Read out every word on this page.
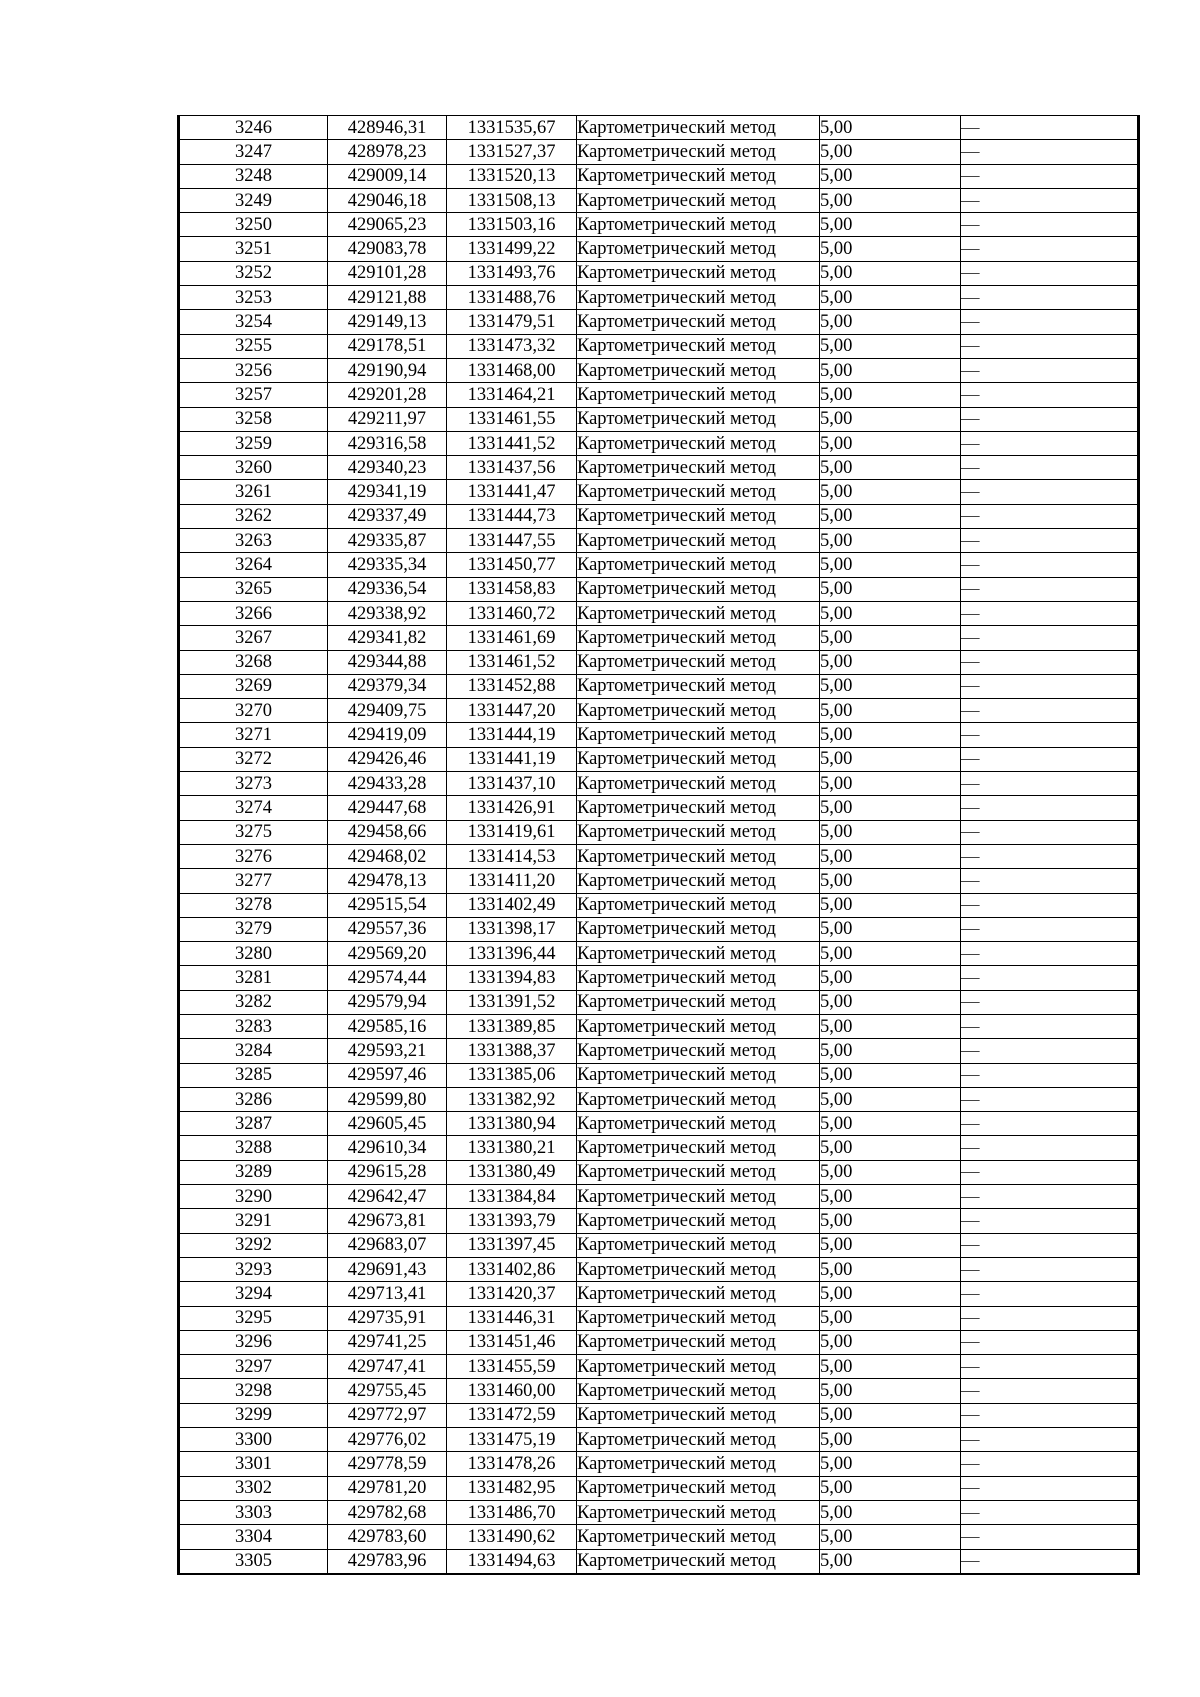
3246	428946,31	1331535,67	Картометрический метод	5,00	—
3247	428978,23	1331527,37	Картометрический метод	5,00	—
3248	429009,14	1331520,13	Картометрический метод	5,00	—
3249	429046,18	1331508,13	Картометрический метод	5,00	—
3250	429065,23	1331503,16	Картометрический метод	5,00	—
3251	429083,78	1331499,22	Картометрический метод	5,00	—
3252	429101,28	1331493,76	Картометрический метод	5,00	—
3253	429121,88	1331488,76	Картометрический метод	5,00	—
3254	429149,13	1331479,51	Картометрический метод	5,00	—
3255	429178,51	1331473,32	Картометрический метод	5,00	—
3256	429190,94	1331468,00	Картометрический метод	5,00	—
3257	429201,28	1331464,21	Картометрический метод	5,00	—
3258	429211,97	1331461,55	Картометрический метод	5,00	—
3259	429316,58	1331441,52	Картометрический метод	5,00	—
3260	429340,23	1331437,56	Картометрический метод	5,00	—
3261	429341,19	1331441,47	Картометрический метод	5,00	—
3262	429337,49	1331444,73	Картометрический метод	5,00	—
3263	429335,87	1331447,55	Картометрический метод	5,00	—
3264	429335,34	1331450,77	Картометрический метод	5,00	—
3265	429336,54	1331458,83	Картометрический метод	5,00	—
3266	429338,92	1331460,72	Картометрический метод	5,00	—
3267	429341,82	1331461,69	Картометрический метод	5,00	—
3268	429344,88	1331461,52	Картометрический метод	5,00	—
3269	429379,34	1331452,88	Картометрический метод	5,00	—
3270	429409,75	1331447,20	Картометрический метод	5,00	—
3271	429419,09	1331444,19	Картометрический метод	5,00	—
3272	429426,46	1331441,19	Картометрический метод	5,00	—
3273	429433,28	1331437,10	Картометрический метод	5,00	—
3274	429447,68	1331426,91	Картометрический метод	5,00	—
3275	429458,66	1331419,61	Картометрический метод	5,00	—
3276	429468,02	1331414,53	Картометрический метод	5,00	—
3277	429478,13	1331411,20	Картометрический метод	5,00	—
3278	429515,54	1331402,49	Картометрический метод	5,00	—
3279	429557,36	1331398,17	Картометрический метод	5,00	—
3280	429569,20	1331396,44	Картометрический метод	5,00	—
3281	429574,44	1331394,83	Картометрический метод	5,00	—
3282	429579,94	1331391,52	Картометрический метод	5,00	—
3283	429585,16	1331389,85	Картометрический метод	5,00	—
3284	429593,21	1331388,37	Картометрический метод	5,00	—
3285	429597,46	1331385,06	Картометрический метод	5,00	—
3286	429599,80	1331382,92	Картометрический метод	5,00	—
3287	429605,45	1331380,94	Картометрический метод	5,00	—
3288	429610,34	1331380,21	Картометрический метод	5,00	—
3289	429615,28	1331380,49	Картометрический метод	5,00	—
3290	429642,47	1331384,84	Картометрический метод	5,00	—
3291	429673,81	1331393,79	Картометрический метод	5,00	—
3292	429683,07	1331397,45	Картометрический метод	5,00	—
3293	429691,43	1331402,86	Картометрический метод	5,00	—
3294	429713,41	1331420,37	Картометрический метод	5,00	—
3295	429735,91	1331446,31	Картометрический метод	5,00	—
3296	429741,25	1331451,46	Картометрический метод	5,00	—
3297	429747,41	1331455,59	Картометрический метод	5,00	—
3298	429755,45	1331460,00	Картометрический метод	5,00	—
3299	429772,97	1331472,59	Картометрический метод	5,00	—
3300	429776,02	1331475,19	Картометрический метод	5,00	—
3301	429778,59	1331478,26	Картометрический метод	5,00	—
3302	429781,20	1331482,95	Картометрический метод	5,00	—
3303	429782,68	1331486,70	Картометрический метод	5,00	—
3304	429783,60	1331490,62	Картометрический метод	5,00	—
3305	429783,96	1331494,63	Картометрический метод	5,00	—
